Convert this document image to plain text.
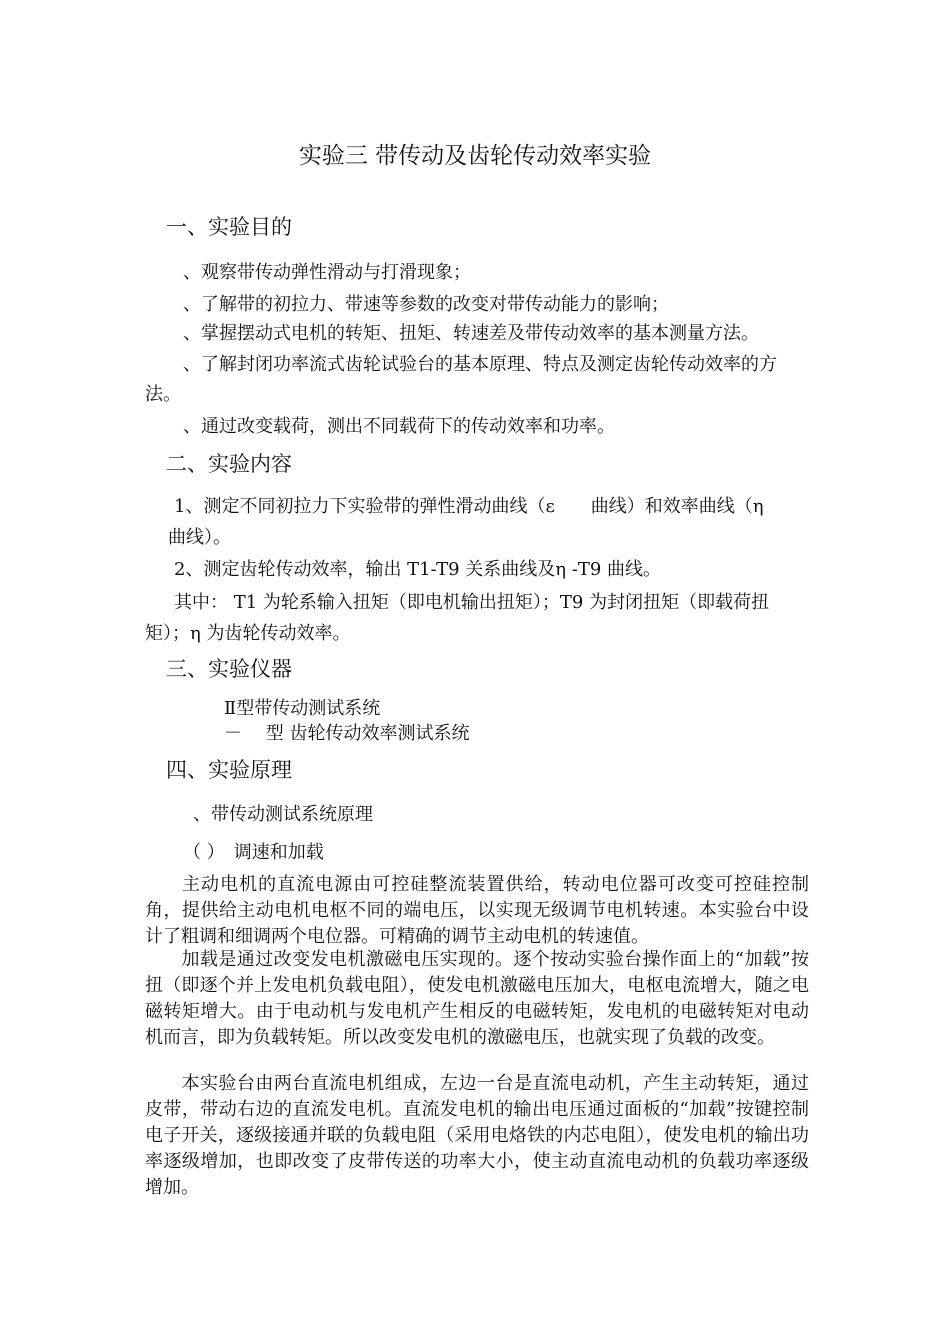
实验三 带传动及齿轮传动效率实验
一、实验目的
、观察带传动弹性滑动与打滑现象；
、了解带的初拉力、带速等参数的改变对带传动能力的影响；
、掌握摆动式电机的转矩、扭矩、转速差及带传动效率的基本测量方法。
、了解封闭功率流式齿轮试验台的基本原理、特点及测定齿轮传动效率的方
法。
、通过改变载荷，测出不同载荷下的传动效率和功率。
二、实验内容
1、测定不同初拉力下实验带的弹性滑动曲线（ε　　曲线）和效率曲线（η
曲线）。
2、测定齿轮传动效率，输出 T1-T9 关系曲线及η -T9 曲线。
其中： T1 为轮系输入扭矩（即电机输出扭矩）；T9 为封闭扭矩（即载荷扭
矩）；η 为齿轮传动效率。
三、实验仪器
Ⅱ型带传动测试系统
－　 型 齿轮传动效率测试系统
四、实验原理
、带传动测试系统原理
（ ）　调速和加载
主动电机的直流电源由可控硅整流装置供给，转动电位器可改变可控硅控制角，提供给主动电机电枢不同的端电压，以实现无级调节电机转速。本实验台中设计了粗调和细调两个电位器。可精确的调节主动电机的转速值。
加载是通过改变发电机激磁电压实现的。逐个按动实验台操作面上的“加载”按扭（即逐个并上发电机负载电阻），使发电机激磁电压加大，电枢电流增大，随之电磁转矩增大。由于电动机与发电机产生相反的电磁转矩，发电机的电磁转矩对电动机而言，即为负载转矩。所以改变发电机的激磁电压，也就实现了负载的改变。
本实验台由两台直流电机组成，左边一台是直流电动机，产生主动转矩，通过皮带，带动右边的直流发电机。直流发电机的输出电压通过面板的“加载”按键控制电子开关，逐级接通并联的负载电阻（采用电烙铁的内芯电阻），使发电机的输出功率逐级增加，也即改变了皮带传送的功率大小，使主动直流电动机的负载功率逐级增加。
